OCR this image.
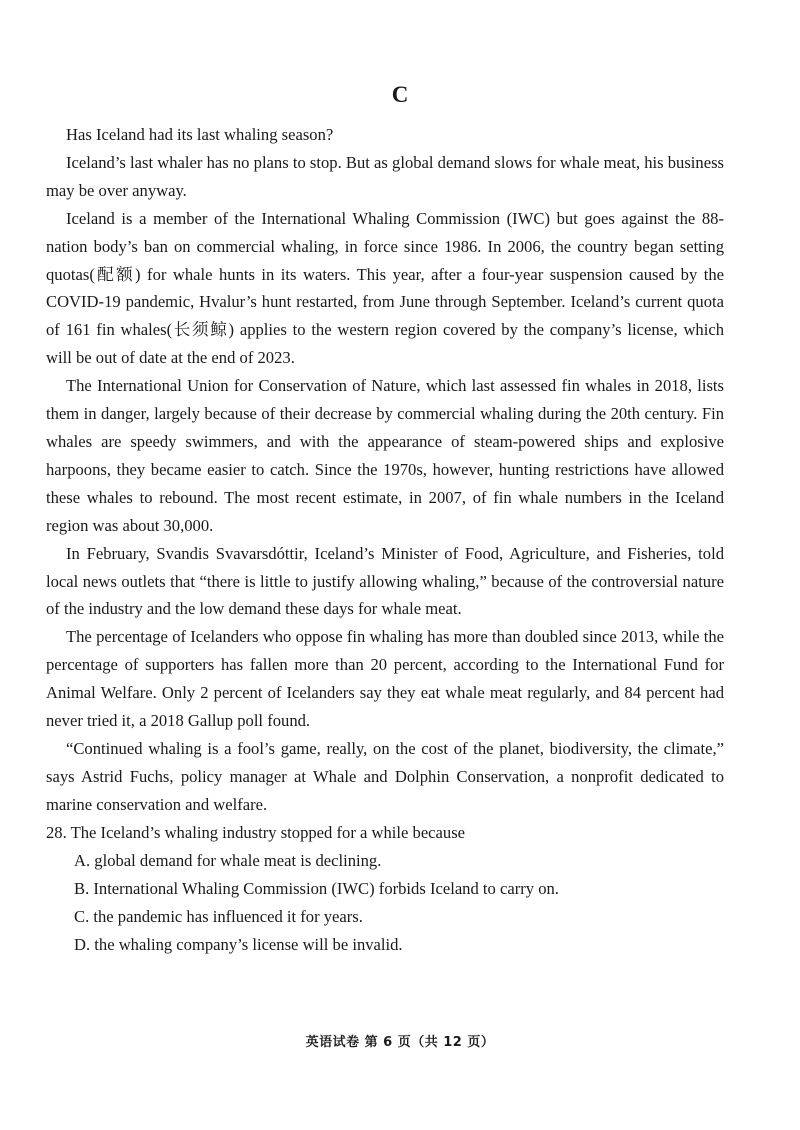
C

Has Iceland had its last whaling season?

Iceland’s last whaler has no plans to stop. But as global demand slows for whale meat, his business may be over anyway.

Iceland is a member of the International Whaling Commission (IWC) but goes against the 88- nation body’s ban on commercial whaling, in force since 1986. In 2006, the country began setting quotas(配额) for whale hunts in its waters. This year, after a four-year suspension caused by the COVID-19 pandemic, Hvalur’s hunt restarted, from June through September. Iceland’s current quota of 161 fin whales(长须鲸) applies to the western region covered by the company’s license, which will be out of date at the end of 2023.

The International Union for Conservation of Nature, which last assessed fin whales in 2018, lists them in danger, largely because of their decrease by commercial whaling during the 20th century. Fin whales are speedy swimmers, and with the appearance of steam-powered ships and explosive harpoons, they became easier to catch. Since the 1970s, however, hunting restrictions have allowed these whales to rebound. The most recent estimate, in 2007, of fin whale numbers in the Iceland region was about 30,000.

In February, Svandis Svavarsdóttir, Iceland’s Minister of Food, Agriculture, and Fisheries, told local news outlets that “there is little to justify allowing whaling,” because of the controversial nature of the industry and the low demand these days for whale meat.

The percentage of Icelanders who oppose fin whaling has more than doubled since 2013, while the percentage of supporters has fallen more than 20 percent, according to the International Fund for Animal Welfare. Only 2 percent of Icelanders say they eat whale meat regularly, and 84 percent had never tried it, a 2018 Gallup poll found.

“Continued whaling is a fool’s game, really, on the cost of the planet, biodiversity, the climate,” says Astrid Fuchs, policy manager at Whale and Dolphin Conservation, a nonprofit dedicated to marine conservation and welfare.

28. The Iceland’s whaling industry stopped for a while because

A. global demand for whale meat is declining.
B. International Whaling Commission (IWC) forbids Iceland to carry on.
C. the pandemic has influenced it for years.
D. the whaling company’s license will be invalid.
英语试卷 第 6 页（共 12 页）
